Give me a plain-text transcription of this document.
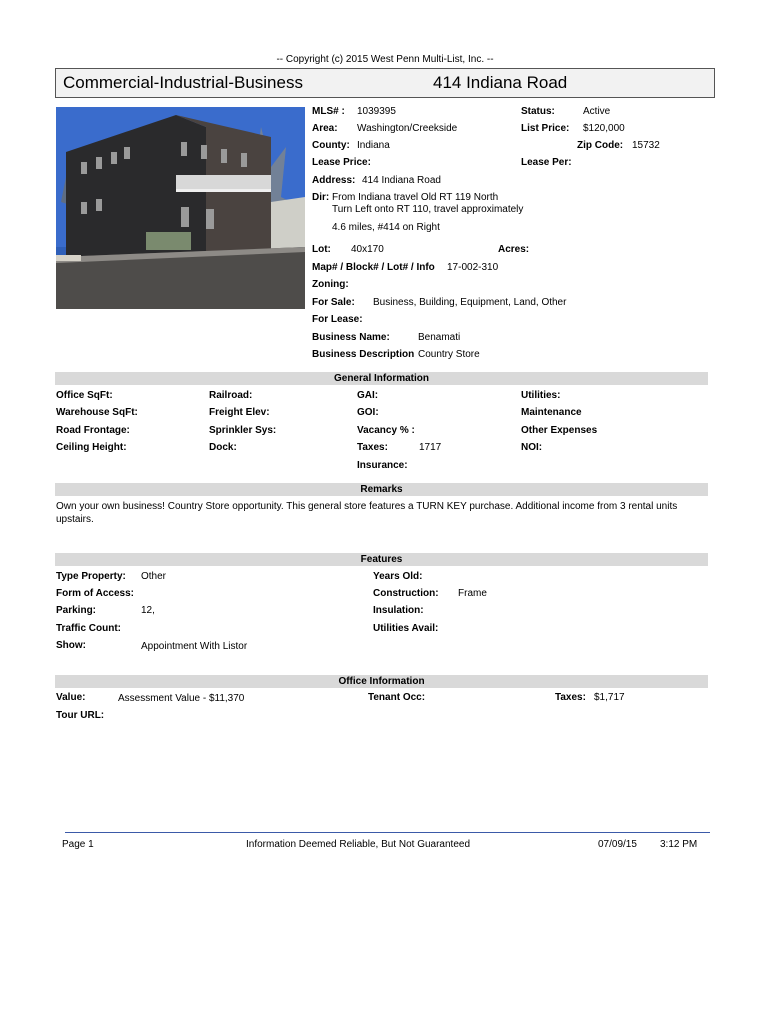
-- Copyright (c) 2015 West Penn Multi-List, Inc. --
Commercial-Industrial-Business	414 Indiana Road
MLS# : 1039395	Status:	Active
Area: Washington/Creekside	List Price: $120,000
County: Indiana	Zip Code: 15732
Lease Price:	Lease Per:
Address: 414 Indiana Road
Dir: From Indiana travel Old RT 119 North
Turn Left onto RT 110, travel approximately
4.6 miles, #414 on Right
Lot: 40x170	Acres:
Map# / Block# / Lot# / Info 17-002-310
Zoning:
For Sale: Business, Building, Equipment, Land, Other
For Lease:
Business Name:	Benamati
Business Description Country Store
General Information
Office SqFt:	Railroad:	GAI:	Utilities:
Warehouse SqFt:	Freight Elev:	GOI:	Maintenance
Road Frontage:	Sprinkler Sys:	Vacancy % :	Other Expenses
Ceiling Height:	Dock:	Taxes:	1717	NOI:
Insurance:
Remarks
Own your own business! Country Store opportunity. This general store features a TURN KEY purchase. Additional income from 3 rental units
upstairs.
Features
Type Property: Other	Years Old:
Form of Access:	Construction: Frame
Parking:	12,	Insulation:
Traffic Count:	Utilities Avail:
Show:	Appointment With Listor
Office Information
Value:	Assessment Value - $11,370	Tenant Occ:	Taxes: $1,717
Tour URL:
Page 1	Information Deemed Reliable, But Not Guaranteed	07/09/15 3:12 PM
